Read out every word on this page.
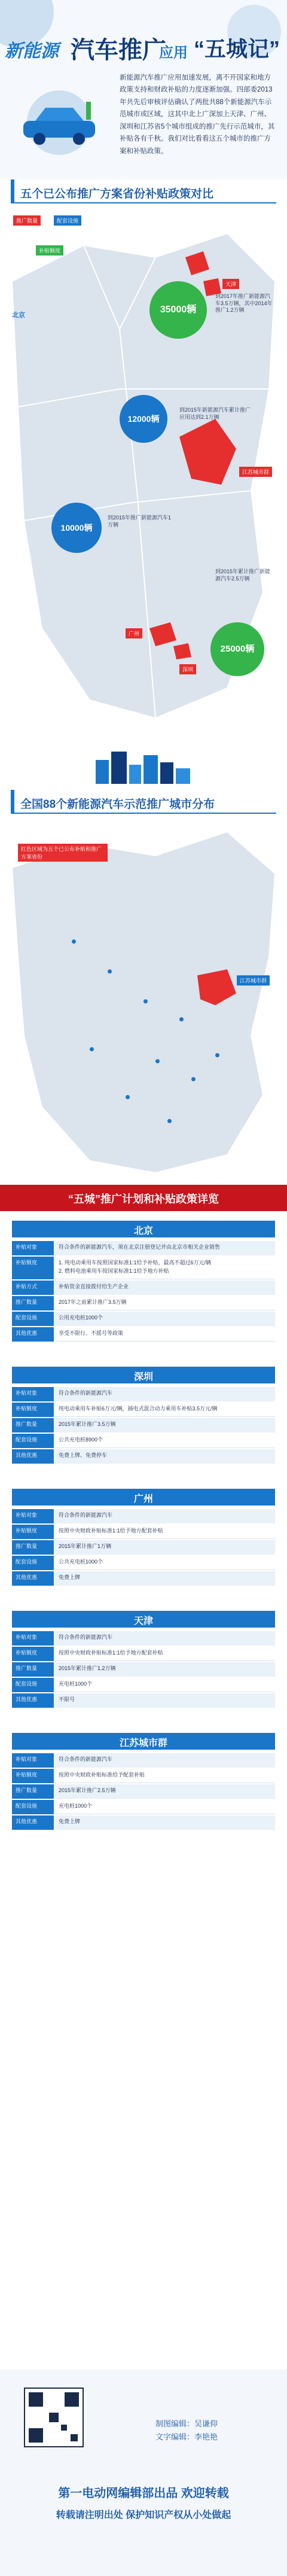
新能源 汽车推广
应用 “五城记”
新能源汽车推广应用加速发展，离不开国家和地方政策支持和财政补贴的力度逐渐加强。四部委2013年共先后审核评估确认了两批共88个新能源汽车示范城市或区域，这其中北上广深加上天津、广州、深圳和江苏省5个城市组成的推广先行示范城市，其补贴各有千秋。我们对比看看这五个城市的推广方案和补贴政策。
五个已公布推广方案省份补贴政策对比
推广数量	配套设施
补贴额度
北京
35000辆
12000辆
10000辆
25000辆
到2017年推广新能源汽车3.5万辆，其中2014年推广1.2万辆
到2015年新能源汽车累计推广应用达到2.1万辆
到2015年推广新能源汽车1万辆
到2015年累计推广新能源汽车2.5万辆
江苏城市群
天津
广州
深圳
全国88个新能源汽车示范推广城市分布
红色区域为五个已公布补贴和推广方案省份
江苏城市群
“五城”推广计划和补贴政策详览
北京
补贴对象	符合条件的新能源汽车，须在北京注册登记并由北京市相关企业销售
补贴额度	1. 纯电动乘用车按照国家标准1:1给予补贴，最高不超过6万元/辆
2. 燃料电池乘用车按国家标准1:1给予地方补贴
补贴方式	补贴资金直接拨付给生产企业
推广数量	2017年之前累计推广3.5万辆
配套设施	公用充电桩1000个
其他优惠	享受不限行、不摇号等政策
深圳
补贴对象	符合条件的新能源汽车
补贴额度	纯电动乘用车补贴6万元/辆，插电式混合动力乘用车补贴3.5万元/辆
推广数量	2015年累计推广3.5万辆
配套设施	公共充电桩8900个
其他优惠	免费上牌、免费停车
广州
补贴对象	符合条件的新能源汽车
补贴额度	按照中央财政补贴标准1:1给予地方配套补贴
推广数量	2015年累计推广1万辆
配套设施	公共充电桩1000个
其他优惠	免费上牌
天津
补贴对象	符合条件的新能源汽车
补贴额度	按照中央财政补贴标准1:1给予地方配套补贴
推广数量	2015年累计推广1.2万辆
配套设施	充电桩1000个
其他优惠	不限号
江苏城市群
补贴对象	符合条件的新能源汽车
补贴额度	按照中央财政补贴标准给予配套补贴
推广数量	2015年累计推广2.5万辆
配套设施	充电桩1000个
其他优惠	免费上牌
制图编辑：吴谦仰
文字编辑：李艳艳
第一电动网编辑部出品 欢迎转载
转载请注明出处 保护知识产权从小处做起
